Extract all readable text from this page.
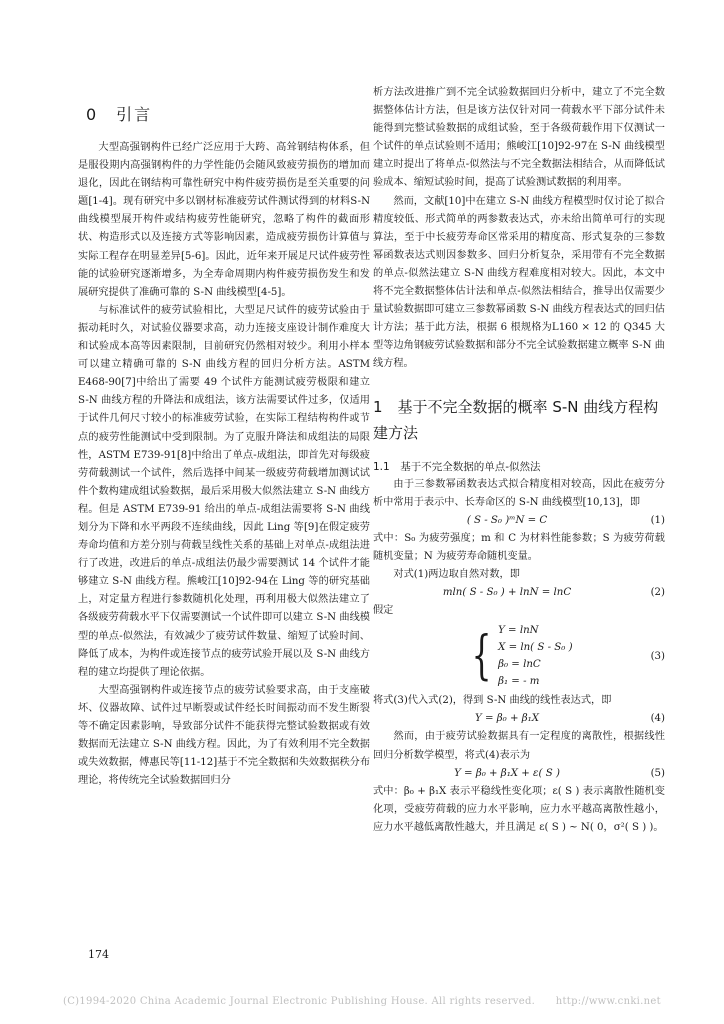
0　引言

大型高强钢构件已经广泛应用于大跨、高耸钢结构体系，但是服役期内高强钢构件的力学性能仍会随风致疲劳损伤的增加而退化，因此在钢结构可靠性研究中构件疲劳损伤是至关重要的问题[1-4]。现有研究中多以钢材标准疲劳试件测试得到的材料S-N 曲线模型展开构件或结构疲劳性能研究，忽略了构件的截面形状、构造形式以及连接方式等影响因素，造成疲劳损伤计算值与实际工程存在明显差异[5-6]。因此，近年来开展足尺试件疲劳性能的试验研究逐渐增多，为全寿命周期内构件疲劳损伤发生和发展研究提供了准确可靠的 S-N 曲线模型[4-5]。

与标准试件的疲劳试验相比，大型足尺试件的疲劳试验由于振动耗时久，对试验仪器要求高，动力连接支座设计制作难度大和试验成本高等因素限制，目前研究仍然相对较少。利用小样本可以建立精确可靠的 S-N 曲线方程的回归分析方法。ASTM E468-90[7]中给出了需要 49 个试件方能测试疲劳极限和建立 S-N 曲线方程的升降法和成组法，该方法需要试件过多，仅适用于试件几何尺寸较小的标准疲劳试验，在实际工程结构构件或节点的疲劳性能测试中受到限制。为了克服升降法和成组法的局限性，ASTM E739-91[8]中给出了单点-成组法，即首先对每级疲劳荷载测试一个试件，然后选择中间某一级疲劳荷载增加测试试件个数构建成组试验数据，最后采用极大似然法建立 S-N 曲线方程。但是 ASTM E739-91 给出的单点-成组法需要将 S-N 曲线划分为下降和水平两段不连续曲线，因此 Ling 等[9]在假定疲劳寿命均值和方差分别与荷载呈线性关系的基础上对单点-成组法进行了改进，改进后的单点-成组法仍最少需要测试 14 个试件才能够建立 S-N 曲线方程。熊峻江[10]92-94在 Ling 等的研究基础上，对定量方程进行参数随机化处理，再利用极大似然法建立了各级疲劳荷载水平下仅需要测试一个试件即可以建立 S-N 曲线模型的单点-似然法，有效减少了疲劳试件数量、缩短了试验时间、降低了成本，为构件或连接节点的疲劳试验开展以及 S-N 曲线方程的建立均提供了理论依据。

大型高强钢构件或连接节点的疲劳试验要求高，由于支座破坏、仪器故障、试件过早断裂或试件经长时间振动而不发生断裂等不确定因素影响，导致部分试件不能获得完整试验数据或有效数据而无法建立 S-N 曲线方程。因此，为了有效利用不完全数据或失效数据，傅惠民等[11-12]基于不完全数据和失效数据秩分布理论，将传统完全试验数据回归分

析方法改进推广到不完全试验数据回归分析中，建立了不完全数据整体估计方法，但是该方法仅针对同一荷载水平下部分试件未能得到完整试验数据的成组试验，至于各级荷载作用下仅测试一个试件的单点试验则不适用；熊峻江[10]92-97在 S-N 曲线模型建立时提出了将单点-似然法与不完全数据法相结合，从而降低试验成本、缩短试验时间，提高了试验测试数据的利用率。

然而，文献[10]中在建立 S-N 曲线方程模型时仅讨论了拟合精度较低、形式简单的两参数表达式，亦未给出简单可行的实现算法，至于中长疲劳寿命区常采用的精度高、形式复杂的三参数幂函数表达式则因参数多、回归分析复杂，采用带有不完全数据的单点-似然法建立 S-N 曲线方程难度相对较大。因此，本文中将不完全数据整体估计法和单点-似然法相结合，推导出仅需要少量试验数据即可建立三参数幂函数 S-N 曲线方程表达式的回归估计方法；基于此方法，根据 6 根规格为L160 × 12 的 Q345 大型等边角钢疲劳试验数据和部分不完全试验数据建立概率 S-N 曲线方程。

1　基于不完全数据的概率 S-N 曲线方程构建方法
1.1　基于不完全数据的单点-似然法

由于三参数幂函数表达式拟合精度相对较高，因此在疲劳分析中常用于表示中、长寿命区的 S-N 曲线模型[10,13]，即

( S - S₀ )ᵐN = C	(1)

式中：S₀ 为疲劳强度；m 和 C 为材料性能参数；S 为疲劳荷载随机变量；N 为疲劳寿命随机变量。

对式(1)两边取自然对数，即

mln( S - S₀ ) + lnN = lnC	(2)

假定

{ Y = lnN
X = ln( S - S₀ )
β₀ = lnC
β₁ = - m
(3)

将式(3)代入式(2)，得到 S-N 曲线的线性表达式，即

Y = β₀ + β₁X	(4)

然而，由于疲劳试验数据具有一定程度的离散性，根据线性回归分析数学模型，将式(4)表示为

Y = β₀ + β₁X + ε( S )	(5)

式中：β₀ + β₁X 表示平稳线性变化项；ε( S ) 表示离散性随机变化项，受疲劳荷载的应力水平影响，应力水平越高离散性越小，应力水平越低离散性越大，并且满足 ε( S ) ~ N( 0，σ²( S ) )。

174
(C)1994-2020 China Academic Journal Electronic Publishing House. All rights reserved.　　http://www.cnki.net
